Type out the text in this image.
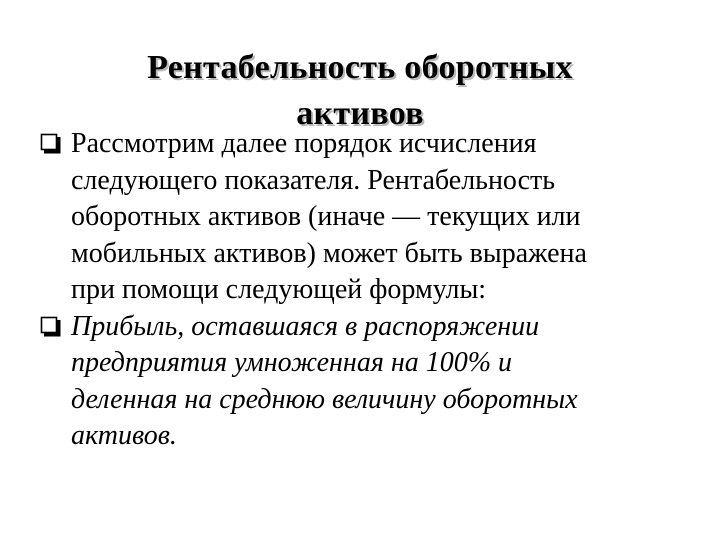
Рентабельность оборотных
активов
Рассмотрим далее порядок исчисления
следующего показателя. Рентабельность
оборотных активов (иначе — текущих или
мобильных активов) может быть выражена
при помощи следующей формулы:
Прибыль, оставшаяся в распоряжении
предприятия умноженная на 100% и
деленная на среднюю величину оборотных
активов.
